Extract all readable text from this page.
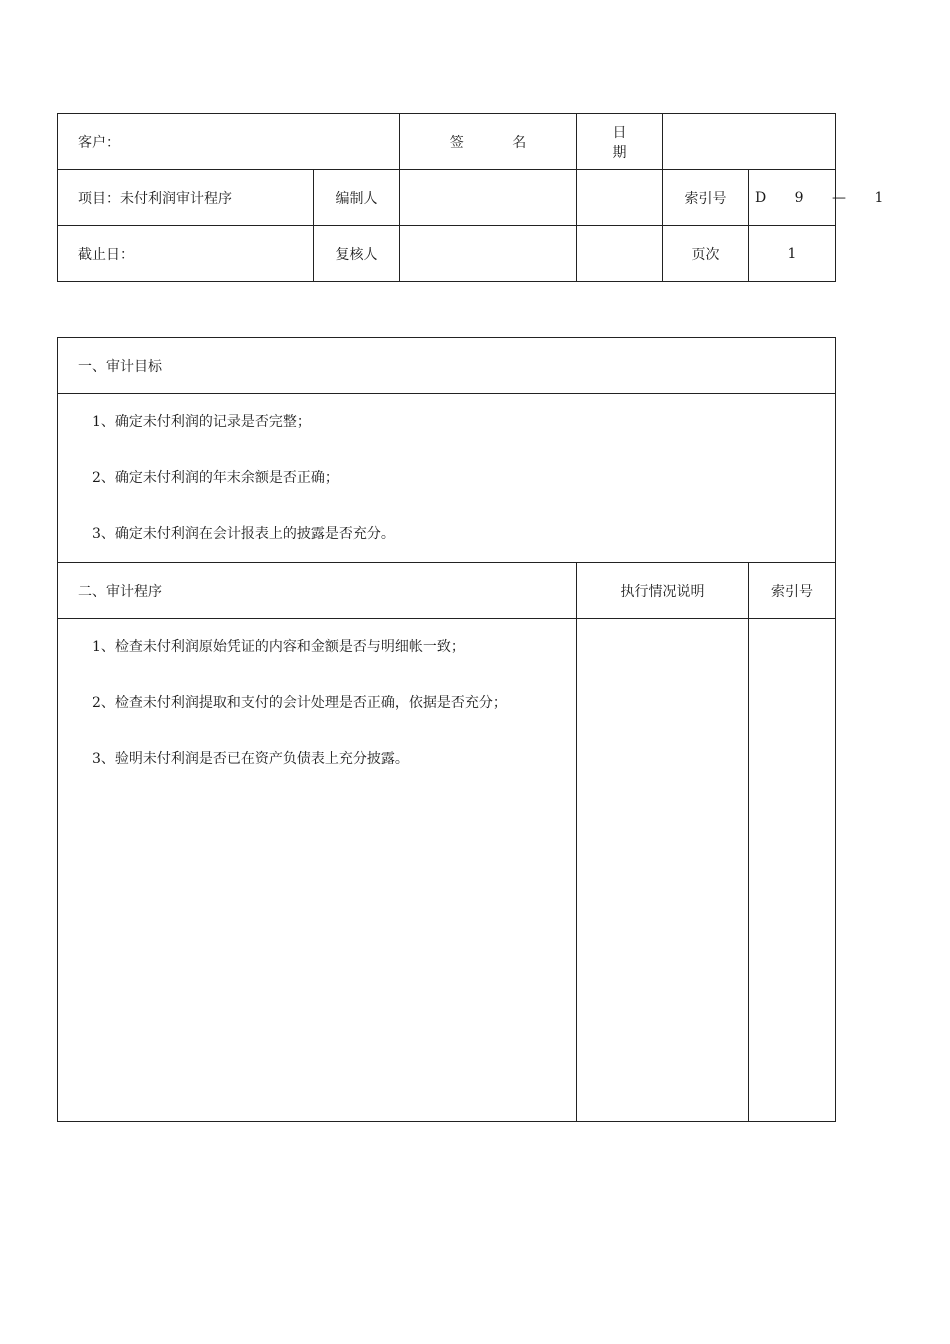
客户：		签 名	日 期		
项目：未付利润审计程序	编制人			索引号	D 9 — 1
截止日：	复核人			页次	1
一、审计目标		

1、确定未付利润的记录是否完整；
2、确定未付利润的年末余额是否正确；
3、确定未付利润在会计报表上的披露是否充分。		

二、审计程序	执行情况说明	索引号

1、检查未付利润原始凭证的内容和金额是否与明细帐一致；
2、检查未付利润提取和支付的会计处理是否正确，依据是否充分；
3、验明未付利润是否已在资产负债表上充分披露。		
